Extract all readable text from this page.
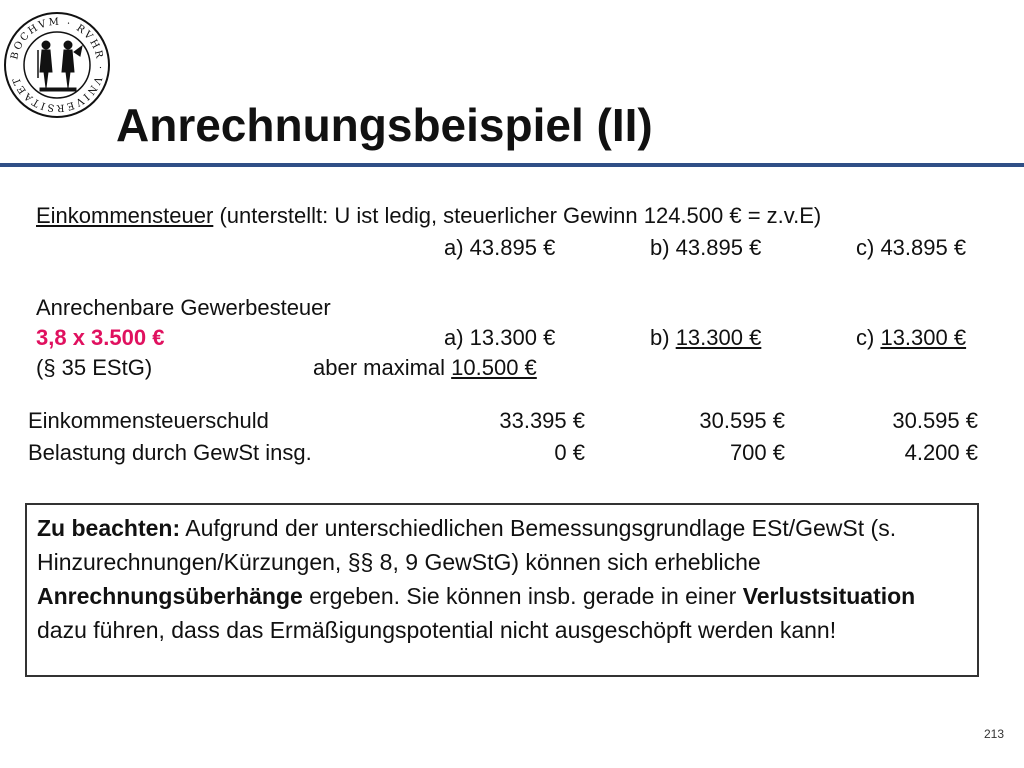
BOCHVM · RVHR · VNIVERSITAET
Anrechnungsbeispiel (II)
Einkommensteuer (unterstellt: U ist ledig, steuerlicher Gewinn 124.500 € = z.v.E)
a) 43.895 €	b) 43.895 €	c) 43.895 €
Anrechenbare Gewerbesteuer
3,8 x 3.500 €	a) 13.300 €	b) 13.300 €	c) 13.300 €
(§ 35 EStG)	aber maximal 10.500 €
Einkommensteuerschuld	33.395 €	30.595 €	30.595 €
Belastung durch GewSt insg.	0 €	700 €	4.200 €
Zu beachten: Aufgrund der unterschiedlichen Bemessungsgrundlage ESt/GewSt (s. Hinzurechnungen/Kürzungen, §§ 8, 9 GewStG) können sich erhebliche Anrechnungsüberhänge ergeben. Sie können insb. gerade in einer Verlustsituation dazu führen, dass das Ermäßigungspotential nicht ausgeschöpft werden kann!
213
